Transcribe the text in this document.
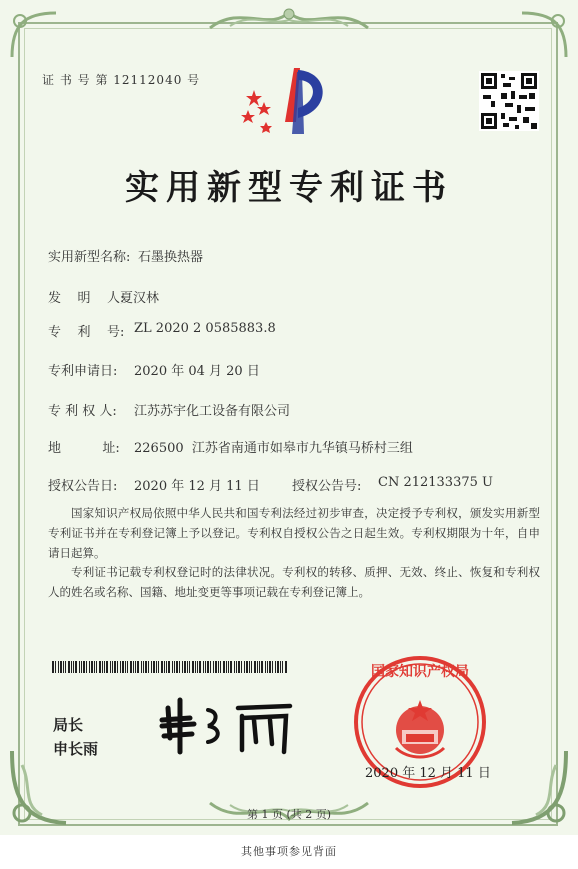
证 书 号 第 12112040 号
实用新型专利证书
实用新型名称: 石墨换热器
发    明    人:
夏汉林
专    利    号: ZL 2020 2 0585883.8
专利申请日: 2020 年 04 月 20 日
专 利 权 人: 江苏苏宇化工设备有限公司
地          址: 226500  江苏省南通市如皋市九华镇马桥村三组
授权公告日: 2020 年 12 月 11 日 授权公告号: CN 212133375 U
国家知识产权局依照中华人民共和国专利法经过初步审查，决定授予专利权，颁发实用新型专利证书并在专利登记簿上予以登记。专利权自授权公告之日起生效。专利权期限为十年，自申请日起算。
专利证书记载专利权登记时的法律状况。专利权的转移、质押、无效、终止、恢复和专利权人的姓名或名称、国籍、地址变更等事项记载在专利登记簿上。
局长
申长雨
国家知识产权局
2020 年 12 月 11 日
第 1 页 (共 2 页)
其他事项参见背面
